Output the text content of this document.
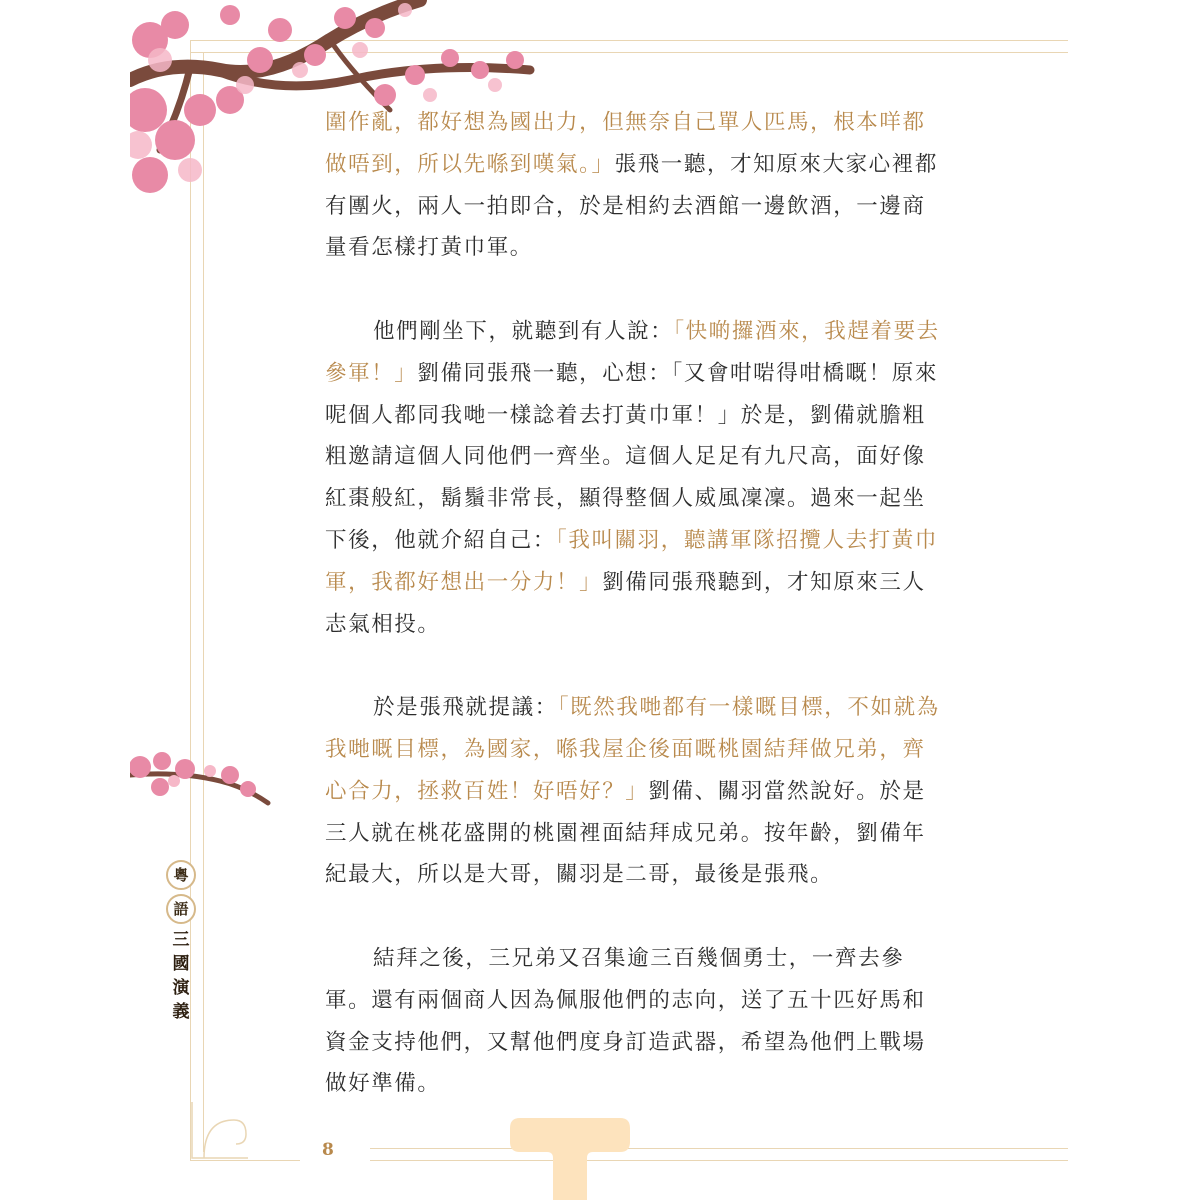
圍作亂，都好想為國出力，但無奈自己單人匹馬，根本咩都做唔到，所以先喺到嘆氣。」張飛一聽，才知原來大家心裡都有團火，兩人一拍即合，於是相約去酒館一邊飲酒，一邊商量看怎樣打黃巾軍。

他們剛坐下，就聽到有人說：「快啲攞酒來，我趕着要去參軍！」劉備同張飛一聽，心想：「又會咁啱得咁橋嘅！原來呢個人都同我哋一樣諗着去打黃巾軍！」於是，劉備就膽粗粗邀請這個人同他們一齊坐。這個人足足有九尺高，面好像紅棗般紅，鬍鬚非常長，顯得整個人威風凜凜。過來一起坐下後，他就介紹自己：「我叫關羽，聽講軍隊招攬人去打黃巾軍，我都好想出一分力！」劉備同張飛聽到，才知原來三人志氣相投。

於是張飛就提議：「既然我哋都有一樣嘅目標，不如就為我哋嘅目標，為國家，喺我屋企後面嘅桃園結拜做兄弟，齊心合力，拯救百姓！好唔好？」劉備、關羽當然說好。於是三人就在桃花盛開的桃園裡面結拜成兄弟。按年齡，劉備年紀最大，所以是大哥，關羽是二哥，最後是張飛。

結拜之後，三兄弟又召集逾三百幾個勇士，一齊去參軍。還有兩個商人因為佩服他們的志向，送了五十匹好馬和資金支持他們，又幫他們度身訂造武器，希望為他們上戰場做好準備。

粵
語
三
國
演
義
8
